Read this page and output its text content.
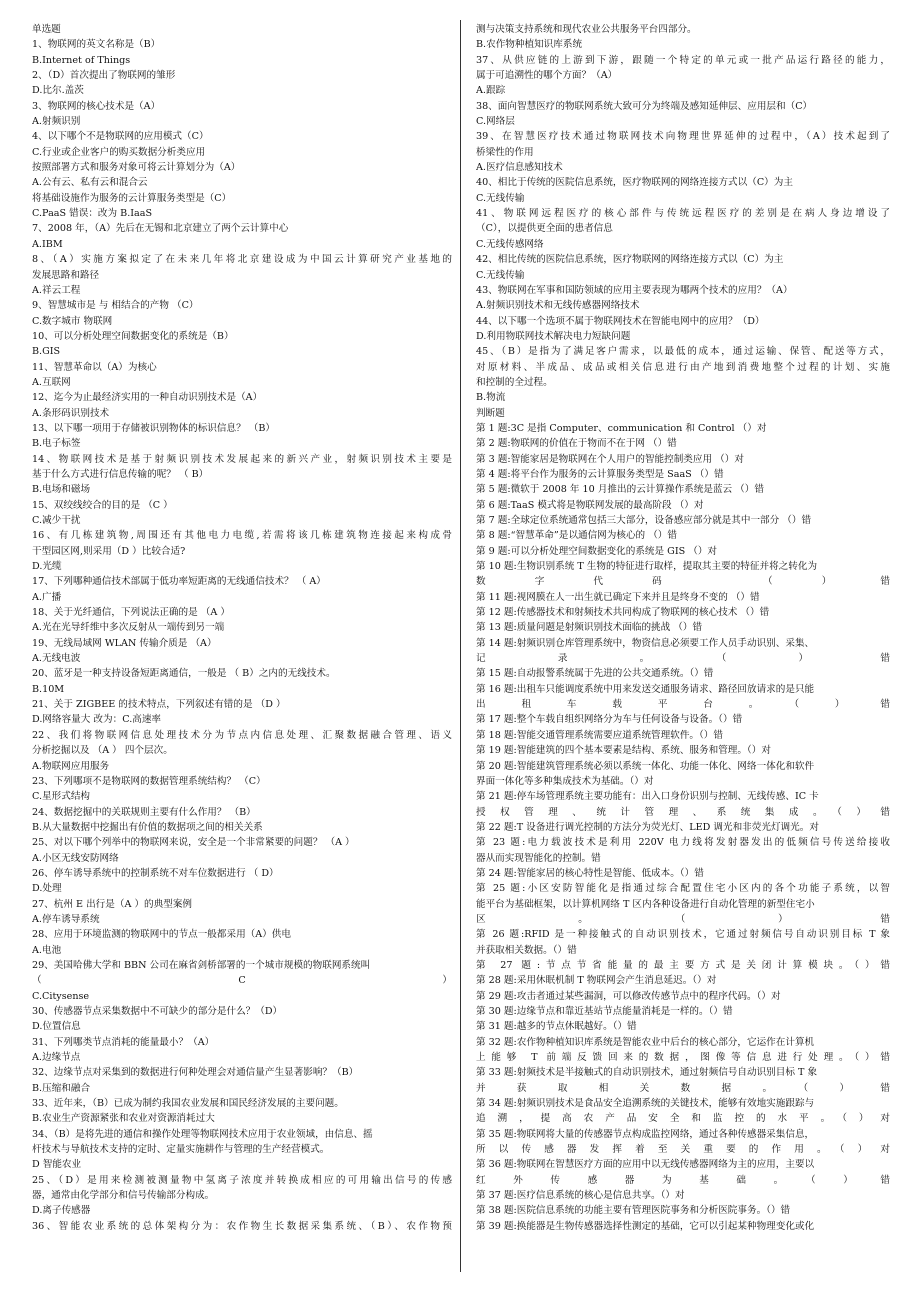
单选题

1、物联网的英文名称是（B）

B.Internet of Things

2、（D）首次提出了物联网的雏形

D.比尔.盖茨

3、物联网的核心技术是（A）

A.射频识别

4、以下哪个不是物联网的应用模式（C）

C.行业或企业客户的购买数据分析类应用

按照部署方式和服务对象可将云计算划分为（A）

A.公有云、私有云和混合云

将基础设施作为服务的云计算服务类型是（C）

C.PaaS 错误：改为 B.IaaS

7、2008 年，（A）先后在无锡和北京建立了两个云计算中心

A.IBM

8、（A）实施方案拟定了在未来几年将北京建设成为中国云计算研究产业基地的

发展思路和路径

A.祥云工程

9、智慧城市是 与 相结合的产物 （C）

C.数字城市 物联网

10、可以分析处理空间数据变化的系统是（B）

B.GIS

11、智慧革命以（A）为核心

A.互联网

12、迄今为止最经济实用的一种自动识别技术是（A）

A.条形码识别技术

13、以下哪一项用于存储被识别物体的标识信息？ （B）

B.电子标签

14、物联网技术是基于射频识别技术发展起来的新兴产业，射频识别技术主要是

基于什么方式进行信息传输的呢？ （ B）

B.电场和磁场

15、双绞线绞合的目的是 （C ）

C.减少干扰

16、有几栋建筑物,周围还有其他电力电缆,若需将该几栋建筑物连接起来构成骨

干型园区网,则采用（D ）比较合适?

D.光缆

17、下列哪种通信技术部属于低功率短距离的无线通信技术？ （ A）

A.广播

18、关于光纤通信，下列说法正确的是 （A ）

A.光在光导纤维中多次反射从一端传到另一端

19、无线局域网 WLAN 传输介质是 （A）

A.无线电波

20、蓝牙是一种支持设备短距离通信，一般是 （ B）之内的无线技术。

B.10M

21、关于 ZIGBEE 的技术特点，下列叙述有错的是 （D ）

D.网络容量大 改为：C.高速率

22、我们将物联网信息处理技术分为节点内信息处理、汇聚数据融合管理、语义

分析挖掘以及 （A ） 四个层次。

A.物联网应用服务

23、下列哪项不是物联网的数据管理系统结构？ （C）

C.星形式结构

24、数据挖掘中的关联规则主要有什么作用？ （B）

B.从大量数据中挖掘出有价值的数据项之间的相关关系

25、对以下哪个列举中的物联网来说，安全是一个非常紧要的问题？ （A ）

A.小区无线安防网络

26、停车诱导系统中的控制系统不对车位数据进行 （ D）

D.处理

27、杭州 E 出行是（A ）的典型案例

A.停车诱导系统

28、应用于环境监测的物联网中的节点一般都采用（A）供电

A.电池

29、美国哈佛大学和 BBN 公司在麻省剑桥部署的一个城市规模的物联网系统叫

（C）

C.Citysense

30、传感器节点采集数据中不可缺少的部分是什么？（D）

D.位置信息

31、下列哪类节点消耗的能量最小？（A）

A.边缘节点

32、边缘节点对采集到的数据进行何种处理会对通信量产生显著影响？（B）

B.压缩和融合

33、近年来，（B）已成为制约我国农业发展和国民经济发展的主要问题。

B.农业生产资源紧张和农业对资源消耗过大

34、（B）是将先进的通信和操作处理等物联网技术应用于农业领域，由信息、摇

杆技术与导航技术支持的定时、定量实施耕作与管理的生产经营模式。

D 智能农业

25、（D）是用来检测被测量物中氢离子浓度并转换成相应的可用输出信号的传感

器，通常由化学部分和信号传输部分构成。

D.离子传感器

36、智能农业系统的总体架构分为：农作物生长数据采集系统、（B）、农作物预

测与决策支持系统和现代农业公共服务平台四部分。

B.农作物种植知识库系统

37、从供应链的上游到下游，跟随一个特定的单元或一批产品运行路径的能力，

属于可追溯性的哪个方面？（A）

A.跟踪

38、面向智慧医疗的物联网系统大致可分为终端及感知延伸层、应用层和（C）

C.网络层

39、在智慧医疗技术通过物联网技术向物理世界延伸的过程中，（A）技术起到了

桥梁性的作用

A.医疗信息感知技术

40、相比于传统的医院信息系统，医疗物联网的网络连接方式以（C）为主

C.无线传输

41、物联网远程医疗的核心部件与传统远程医疗的差别是在病人身边增设了

（C），以提供更全面的患者信息

C.无线传感网络

42、相比传统的医院信息系统，医疗物联网的网络连接方式以（C）为主

C.无线传输

43、物联网在军事和国防领域的应用主要表现为哪两个技术的应用？（A）

A.射频识别技术和无线传感器网络技术

44、以下哪一个选项不属于物联网技术在智能电网中的应用？（D）

D.利用物联网技术解决电力短缺问题

45、（B）是指为了满足客户需求，以最低的成本，通过运输、保管、配送等方式，

对原材料、半成品、成品或相关信息进行由产地到消费地整个过程的计划、实施

和控制的全过程。

B.物流

判断题

第 1 题:3C 是指 Computer、communication 和 Control （）对

第 2 题:物联网的价值在于物而不在于网 （）错

第 3 题:智能家居是物联网在个人用户的智能控制类应用 （）对

第 4 题:将平台作为服务的云计算服务类型是 SaaS （）错

第 5 题:微软于 2008 年 10 月推出的云计算操作系统是蓝云 （）错

第 6 题:TaaS 模式将是物联网发展的最高阶段 （）对

第 7 题:全球定位系统通常包括三大部分，设备感应部分就是其中一部分 （）错

第 8 题:“智慧革命”是以通信网为核心的 （）错

第 9 题:可以分析处理空间数据变化的系统是 GIS （）对

第 10 题:生物识别系统 T 生物的特征进行取样，提取其主要的特征并将之转化为

数字代码 （）错

第 11 题:视网膜在人一出生就已确定下来并且是终身不变的 （）错

第 12 题:传感器技术和射频技术共同构成了物联网的核心技术 （）错

第 13 题:质量问题是射频识别技术面临的挑战 （）错

第 14 题:射频识别仓库管理系统中，物资信息必须要工作人员手动识别、采集、

记录。（）错

第 15 题:自动报警系统属于先进的公共交通系统。（）错

第 16 题:出租车只能调度系统中用来发送交通服务请求、路径回放请求的是只能

出租车载平台。（）错

第 17 题:整个车载自组织网络分为车与任何设备与设备。（）错

第 18 题:智能交通管理系统需要应道系统管理软件。（）错

第 19 题:智能建筑的四个基本要素是结构、系统、服务和管理。（）对

第 20 题:智能建筑管理系统必须以系统一体化、功能一体化、网络一体化和软件

界面一体化等多种集成技术为基础。（）对

第 21 题:停车场管理系统主要功能有：出入口身份识别与控制、无线传感、IC 卡

授权管理、统计管理、系统集成。（）错

第 22 题:T 设备进行调光控制的方法分为荧光灯、LED 调光和非荧光灯调光。对

第 23 题:电力载波技术是利用 220V 电力线将发射器发出的低频信号传送给接收

器从而实现智能化的控制。错

第 24 题:智能家居的核心特性是智能、低成本。（）错

第 25 题:小区安防智能化是指通过综合配置住宅小区内的各个功能子系统，以智

能平台为基础框架，以计算机网络 T 区内各种设备进行自动化管理的新型住宅小

区。（）错

第 26 题:RFID 是一种接触式的自动识别技术，它通过射频信号自动识别目标 T 象

并获取相关数据。（）错

第 27 题:节点节省能量的最主要方式是关闭计算模块。（）错

第 28 题:采用休眠机制 T 物联网会产生消息延迟。（）对

第 29 题:攻击者通过某些漏洞，可以修改传感节点中的程序代码。（）对

第 30 题:边缘节点和靠近基站节点能量消耗是一样的。（）错

第 31 题:越多的节点休眠越好。（）错

第 32 题:农作物种植知识库系统是智能农业中后台的核心部分，它运作在计算机

上能够 T 前端反馈回来的数据，图像等信息进行处理。（）错

第 33 题:射频技术是半接触式的自动识别技术，通过射频信号自动识别目标 T 象

并获取相关数据。（）错

第 34 题:射频识别技术是食品安全追溯系统的关键技术，能够有效地实施跟踪与

追溯，提高农产品安全和监控的水平。（）对

第 35 题:物联网将大量的传感器节点构成监控网络，通过各种传感器采集信息，

所以传感器发挥着至关重要的作用。（）对

第 36 题:物联网在智慧医疗方面的应用中以无线传感器网络为主的应用，主要以

红外传感器为基础。（）错

第 37 题:医疗信息系统的核心是信息共享。（）对

第 38 题:医院信息系统的功能主要有管理医院事务和分析医院事务。（）错

第 39 题:换能器是生物传感器选择性测定的基础，它可以引起某种物理变化或化
